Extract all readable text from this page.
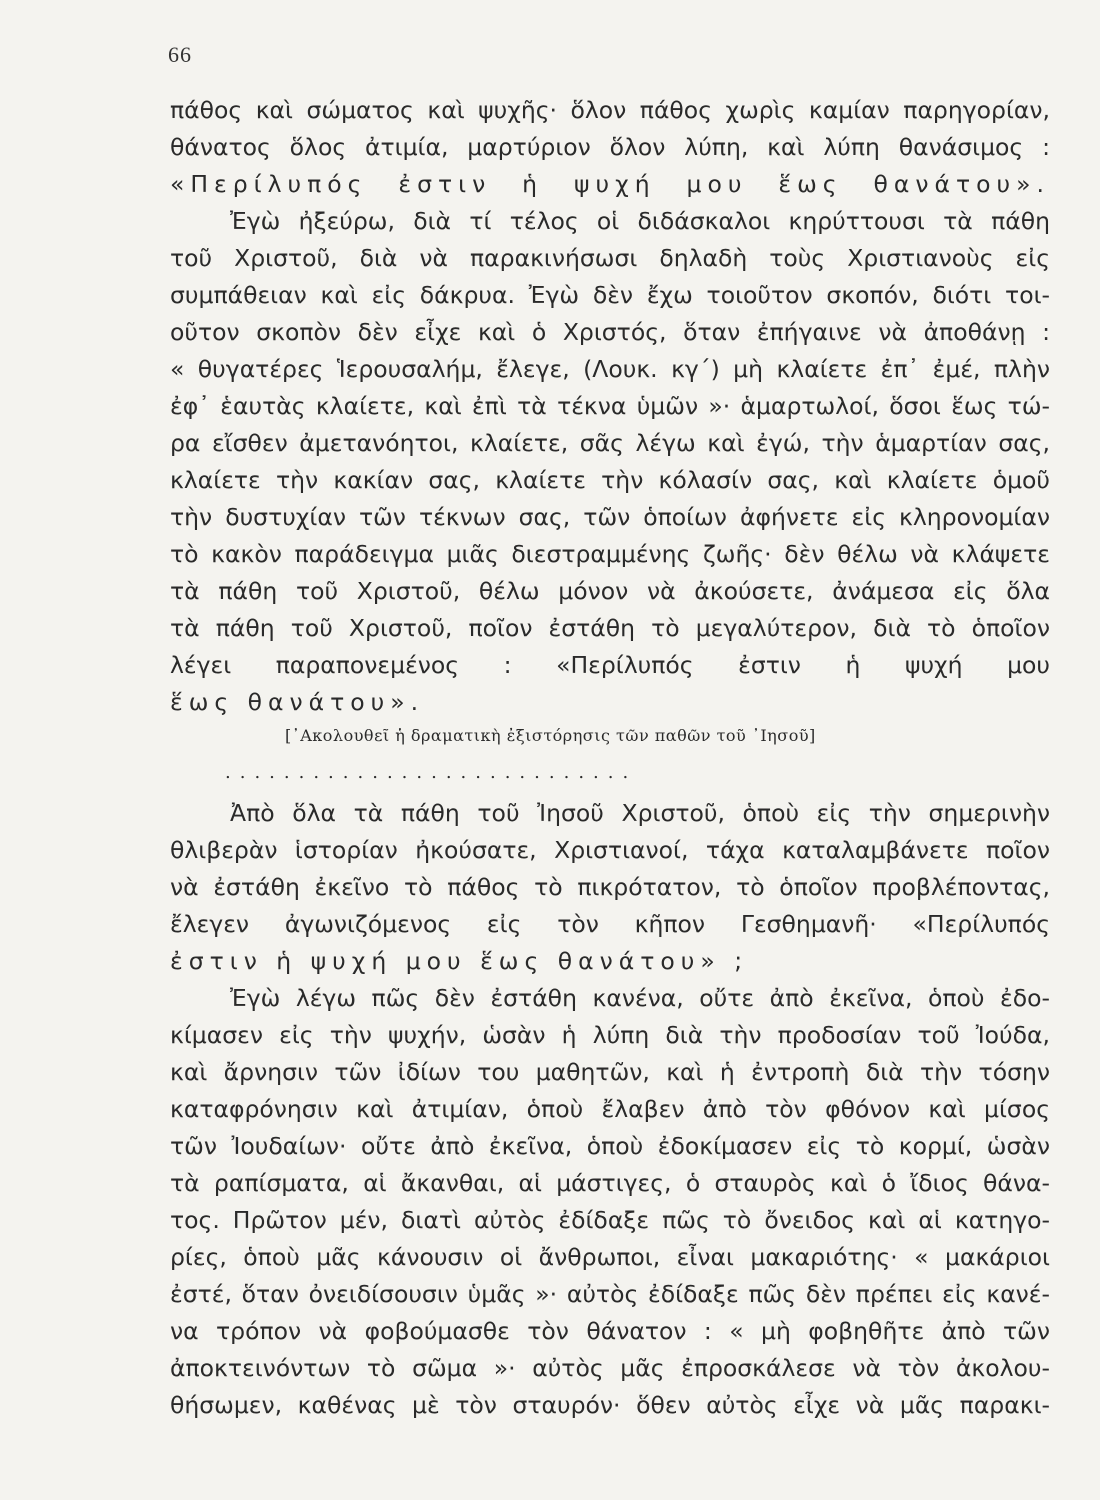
66
πάθος καὶ σώματος καὶ ψυχῆς· ὅλον πάθος χωρὶς καμίαν παρηγορίαν,
θάνατος ὅλος ἀτιμία, μαρτύριον ὅλον λύπη, καὶ λύπη θανάσιμος :
«Περίλυπός ἐστιν ἡ ψυχή μου ἕως θανάτου».
Ἐγὼ ἠξεύρω, διὰ τί τέλος οἱ διδάσκαλοι κηρύττουσι τὰ πάθη
τοῦ Χριστοῦ, διὰ νὰ παρακινήσωσι δηλαδὴ τοὺς Χριστιανοὺς εἰς
συμπάθειαν καὶ εἰς δάκρυα. Ἐγὼ δὲν ἔχω τοιοῦτον σκοπόν, διότι τοι-
οῦτον σκοπὸν δὲν εἶχε καὶ ὁ Χριστός, ὅταν ἐπήγαινε νὰ ἀποθάνῃ :
« θυγατέρες Ἱερουσαλήμ, ἔλεγε, (Λουκ. κγ΄) μὴ κλαίετε ἐπ᾿ ἐμέ, πλὴν
ἐφ᾿ ἑαυτὰς κλαίετε, καὶ ἐπὶ τὰ τέκνα ὑμῶν »· ἁμαρτωλοί, ὅσοι ἕως τώ-
ρα εἴσθεν ἀμετανόητοι, κλαίετε, σᾶς λέγω καὶ ἐγώ, τὴν ἁμαρτίαν σας,
κλαίετε τὴν κακίαν σας, κλαίετε τὴν κόλασίν σας, καὶ κλαίετε ὁμοῦ
τὴν δυστυχίαν τῶν τέκνων σας, τῶν ὁποίων ἀφήνετε εἰς κληρονομίαν
τὸ κακὸν παράδειγμα μιᾶς διεστραμμένης ζωῆς· δὲν θέλω νὰ κλάψετε
τὰ πάθη τοῦ Χριστοῦ, θέλω μόνον νὰ ἀκούσετε, ἀνάμεσα εἰς ὅλα
τὰ πάθη τοῦ Χριστοῦ, ποῖον ἐστάθη τὸ μεγαλύτερον, διὰ τὸ ὁποῖον
λέγει παραπονεμένος : «Περίλυπός ἐστιν ἡ ψυχή μου
ἕως θανάτου».
[᾿Ακολουθεῖ ἡ δραματικὴ ἐξιστόρησις τῶν παθῶν τοῦ ᾿Ιησοῦ]
............................
Ἀπὸ ὅλα τὰ πάθη τοῦ Ἰησοῦ Χριστοῦ, ὁποὺ εἰς τὴν σημερινὴν
θλιβερὰν ἱστορίαν ἠκούσατε, Χριστιανοί, τάχα καταλαμβάνετε ποῖον
νὰ ἐστάθη ἐκεῖνο τὸ πάθος τὸ πικρότατον, τὸ ὁποῖον προβλέποντας,
ἔλεγεν ἀγωνιζόμενος εἰς τὸν κῆπον Γεσθημανῆ· «Περίλυπός
ἐστιν ἡ ψυχή μου ἕως θανάτου» ;
Ἐγὼ λέγω πῶς δὲν ἐστάθη κανένα, οὔτε ἀπὸ ἐκεῖνα, ὁποὺ ἐδο-
κίμασεν εἰς τὴν ψυχήν, ὡσὰν ἡ λύπη διὰ τὴν προδοσίαν τοῦ Ἰούδα,
καὶ ἄρνησιν τῶν ἰδίων του μαθητῶν, καὶ ἡ ἐντροπὴ διὰ τὴν τόσην
καταφρόνησιν καὶ ἀτιμίαν, ὁποὺ ἔλαβεν ἀπὸ τὸν φθόνον καὶ μίσος
τῶν Ἰουδαίων· οὔτε ἀπὸ ἐκεῖνα, ὁποὺ ἐδοκίμασεν εἰς τὸ κορμί, ὡσὰν
τὰ ραπίσματα, αἱ ἄκανθαι, αἱ μάστιγες, ὁ σταυρὸς καὶ ὁ ἴδιος θάνα-
τος. Πρῶτον μέν, διατὶ αὐτὸς ἐδίδαξε πῶς τὸ ὄνειδος καὶ αἱ κατηγο-
ρίες, ὁποὺ μᾶς κάνουσιν οἱ ἄνθρωποι, εἶναι μακαριότης· « μακάριοι
ἐστέ, ὅταν ὀνειδίσουσιν ὑμᾶς »· αὐτὸς ἐδίδαξε πῶς δὲν πρέπει εἰς κανέ-
να τρόπον νὰ φοβούμασθε τὸν θάνατον : « μὴ φοβηθῆτε ἀπὸ τῶν
ἀποκτεινόντων τὸ σῶμα »· αὐτὸς μᾶς ἐπροσκάλεσε νὰ τὸν ἀκολου-
θήσωμεν, καθένας μὲ τὸν σταυρόν· ὅθεν αὐτὸς εἶχε νὰ μᾶς παρακι-
